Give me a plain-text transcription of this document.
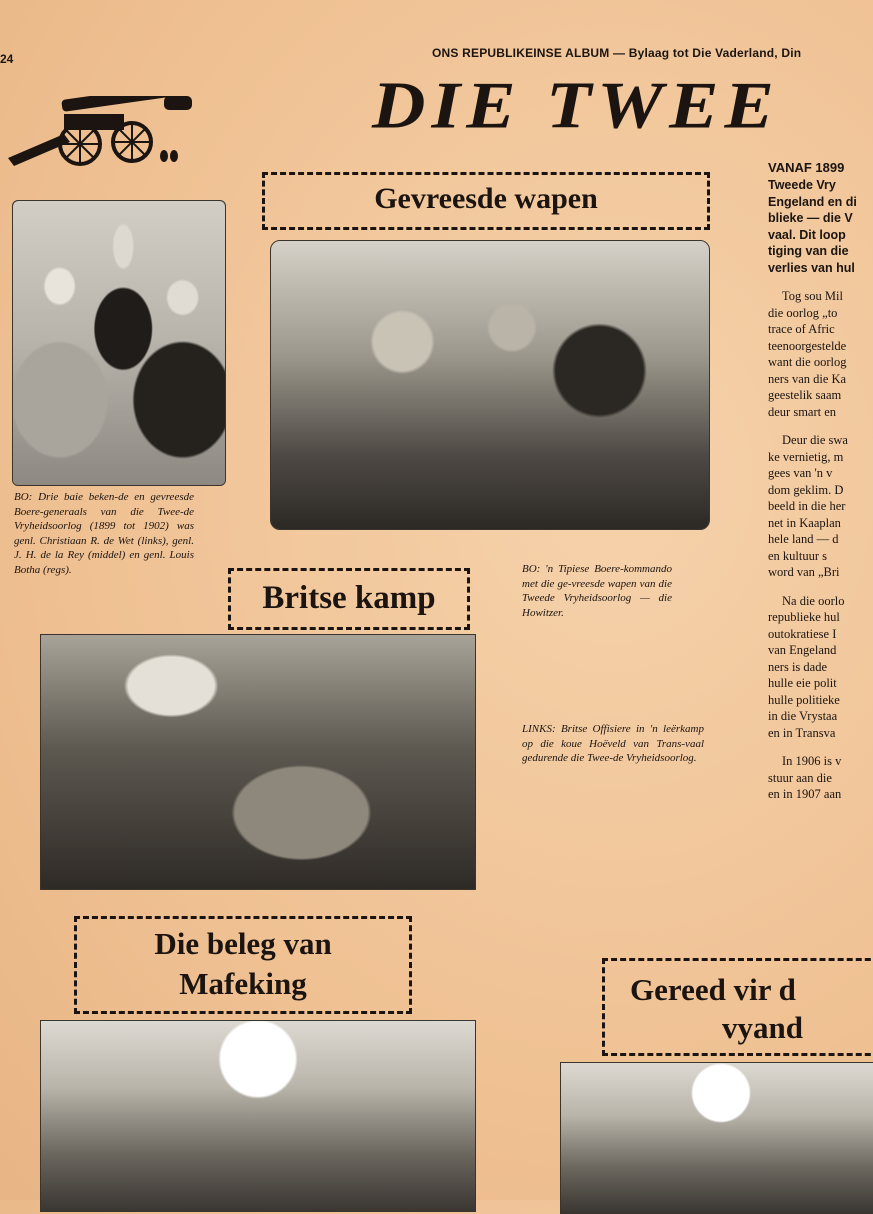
24	ONS REPUBLIKEINSE ALBUM — Bylaag tot Die Vaderland, Din
DIE TWEE
BO: Drie baie beken-de en gevreesde Boere-generaals van die Twee-de Vryheidsoorlog (1899 tot 1902) was genl. Christiaan R. de Wet (links), genl. J. H. de la Rey (middel) en genl. Louis Botha (regs).
Gevreesde wapen
BO: 'n Tipiese Boere-kommando met die ge-vreesde wapen van die Tweede Vryheidsoorlog — die Howitzer.
Britse kamp
LINKS: Britse Offisiere in 'n leërkamp op die koue Hoëveld van Trans-vaal gedurende die Twee-de Vryheidsoorlog.
Die beleg van
Mafeking	Gereed vir d
vyand
VANAF 1899
Tweede Vry
Engeland en di
blieke — die V
vaal. Dit loop
tiging van die
verlies van hul
Tog sou Mil
die oorlog „to
trace of Afric
teenoorgestelde
want die oorlog
ners van die Ka
geestelik saam
deur smart en
Deur die swa
ke vernietig, m
gees van 'n v
dom geklim. D
beeld in die her
net in Kaaplan
hele land — d
en kultuur s
word van „Bri
Na die oorlo
republieke hul
outokratiese I
van Engeland
ners is dade
hulle eie polit
hulle politieke
in die Vrystaa
en in Transva
In 1906 is v
stuur aan die
en in 1907 aan
